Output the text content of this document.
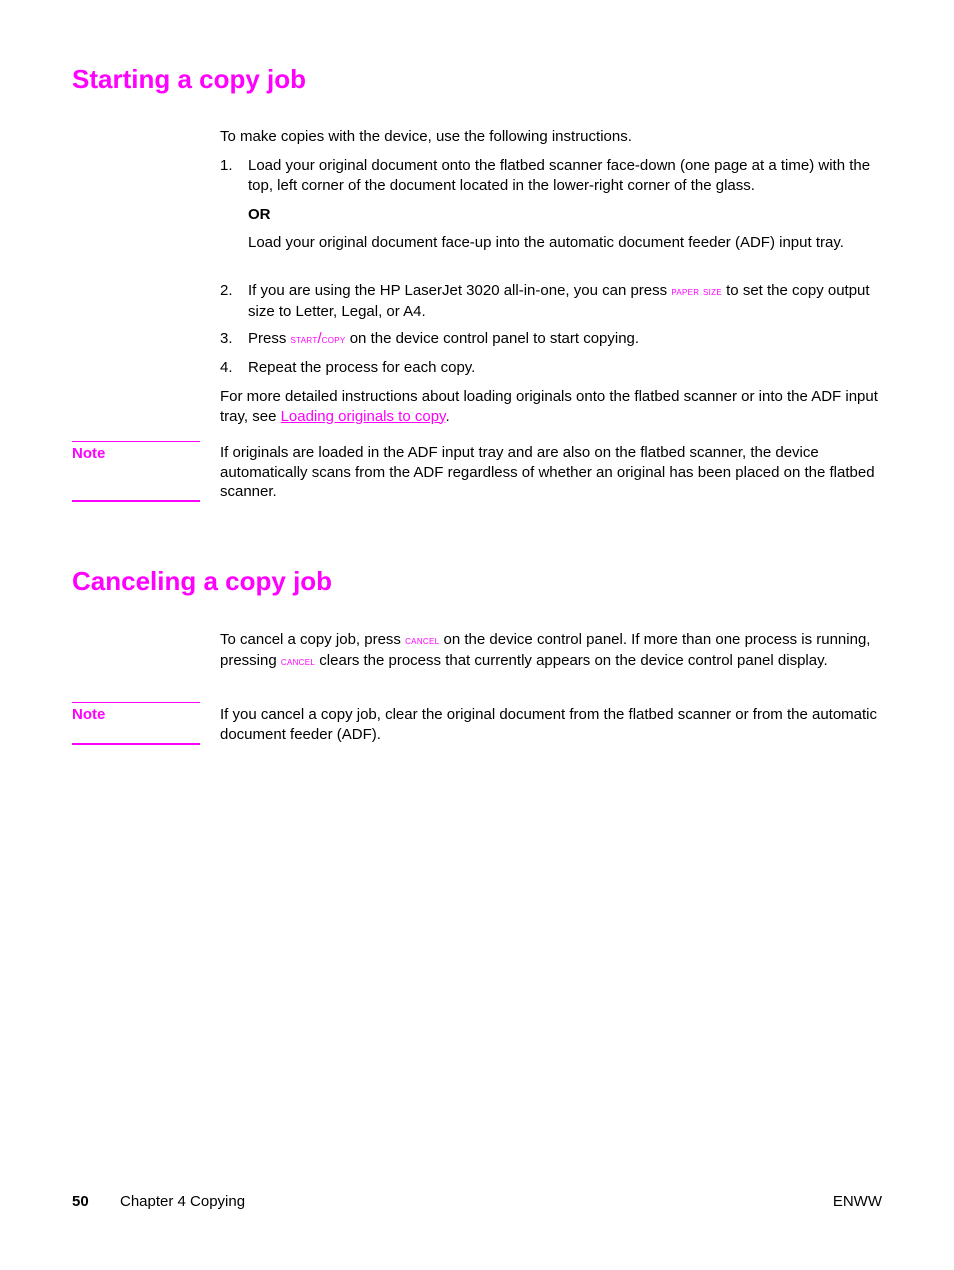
Starting a copy job

To make copies with the device, use the following instructions.

1. Load your original document onto the flatbed scanner face-down (one page at a time) with the top, left corner of the document located in the lower-right corner of the glass.
OR
Load your original document face-up into the automatic document feeder (ADF) input tray.
2. If you are using the HP LaserJet 3020 all-in-one, you can press paper size to set the copy output size to Letter, Legal, or A4.
3. Press start/copy on the device control panel to start copying.
4. Repeat the process for each copy.

For more detailed instructions about loading originals onto the flatbed scanner or into the ADF input tray, see Loading originals to copy.

Note	If originals are loaded in the ADF input tray and are also on the flatbed scanner, the device automatically scans from the ADF regardless of whether an original has been placed on the flatbed scanner.

Canceling a copy job

To cancel a copy job, press cancel on the device control panel. If more than one process is running, pressing cancel clears the process that currently appears on the device control panel display.

Note	If you cancel a copy job, clear the original document from the flatbed scanner or from the automatic document feeder (ADF).

50 Chapter 4 Copying	ENWW
